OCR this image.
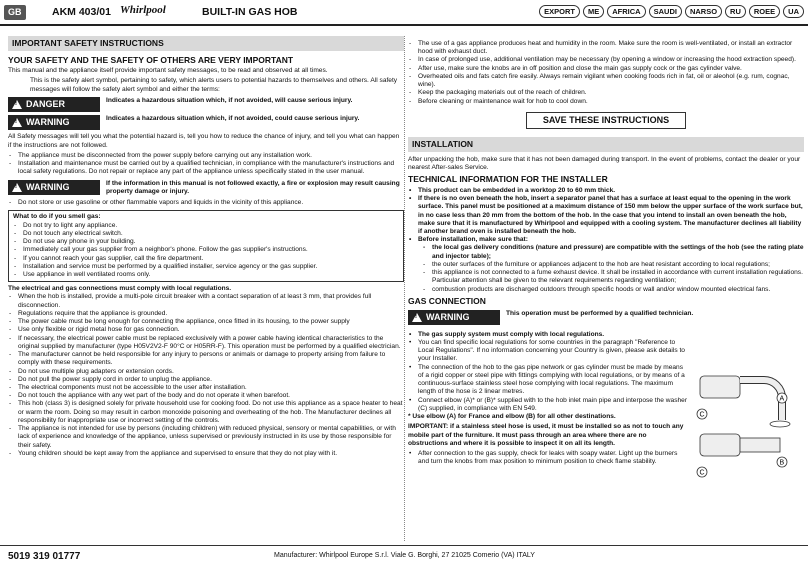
GB	AKM 403/01 Whirlpool	BUILT-IN GAS HOB	EXPORT	ME	AFRICA	SAUDI	NARSO	RU	ROEE	UA
IMPORTANT SAFETY INSTRUCTIONS
YOUR SAFETY AND THE SAFETY OF OTHERS ARE VERY IMPORTANT

This manual and the appliance itself provide important safety messages, to be read and observed at all times.

This is the safety alert symbol, pertaining to safety, which alerts users to potential hazards to themselves and others. All safety messages will follow the safety alert symbol and either the terms:

! DANGER	Indicates a hazardous situation which, if not avoided, will cause serious injury.
! WARNING	Indicates a hazardous situation which, if not avoided, could cause serious injury.

All Safety messages will tell you what the potential hazard is, tell you how to reduce the chance of injury, and tell you what can happen if the instructions are not followed.

- The appliance must be disconnected from the power supply before carrying out any installation work.
- Installation and maintenance must be carried out by a qualified technician, in compliance with the manufacturer's instructions and local safety regulations. Do not repair or replace any part of the appliance unless specifically stated in the user manual.
! WARNING	If the information in this manual is not followed exactly, a fire or explosion may result causing property damage or injury.
- Do not store or use gasoline or other flammable vapors and liquids in the vicinity of this appliance.
What to do if you smell gas:
- Do not try to light any appliance.
- Do not touch any electrical switch.
- Do not use any phone in your building.
- Immediately call your gas supplier from a neighbor's phone. Follow the gas supplier's instructions.
- If you cannot reach your gas supplier, call the fire department.
- Installation and service must be performed by a qualified installer, service agency or the gas supplier.
- Use appliance in well ventilated rooms only.
The electrical and gas connections must comply with local regulations.
- When the hob is installed, provide a multi-pole circuit breaker with a contact separation of at least 3 mm, that provides full disconnection.
- Regulations require that the appliance is grounded.
- The power cable must be long enough for connecting the appliance, once fitted in its housing, to the power supply
- Use only flexible or rigid metal hose for gas connection.
- If necessary, the electrical power cable must be replaced exclusively with a power cable having identical characteristics to the original supplied by manufacturer (type H05V2V2-F 90°C or H05RR-F). This operation must be performed by a qualified electrician.
- The manufacturer cannot be held responsible for any injury to persons or animals or damage to property arising from failure to comply with these requirements.
- Do not use multiple plug adapters or extension cords.
- Do not pull the power supply cord in order to unplug the appliance.
- The electrical components must not be accessible to the user after installation.
- Do not touch the appliance with any wet part of the body and do not operate it when barefoot.
- This hob (class 3) is designed solely for private household use for cooking food. Do not use this appliance as a space heater to heat or warm the room. Doing so may result in carbon monoxide poisoning and overheating of the hob. The Manufacturer declines all responsibility for inappropriate use or incorrect setting of the controls.
- The appliance is not intended for use by persons (including children) with reduced physical, sensory or mental capabilities, or with lack of experience and knowledge of the appliance, unless supervised or previously instructed in its use by those responsible for their safety.
- Young children should be kept away from the appliance and supervised to ensure that they do not play with it.
- The use of a gas appliance produces heat and humidity in the room. Make sure the room is well-ventilated, or install an extractor hood with exhaust duct.
- In case of prolonged use, additional ventilation may be necessary (by opening a window or increasing the hood extraction speed).
- After use, make sure the knobs are in off position and close the main gas supply cock or the gas cylinder valve.
- Overheated oils and fats catch fire easily. Always remain vigilant when cooking foods rich in fat, oil or aleohol (e.g. rum, cognac, wine).
- Keep the packaging materials out of the reach of children.
- Before cleaning or maintenance wait for hob to cool down.
SAVE THESE INSTRUCTIONS
INSTALLATION

After unpacking the hob, make sure that it has not been damaged during transport. In the event of problems, contact the dealer or your nearest After-sales Service.

TECHNICAL INFORMATION FOR THE INSTALLER
• This product can be embedded in a worktop 20 to 60 mm thick.
• If there is no oven beneath the hob, insert a separator panel that has a surface at least equal to the opening in the work surface. This panel must be positioned at a maximum distance of 150 mm below the upper surface of the work surface but, in no case less than 20 mm from the bottom of the hob. In the case that you intend to install an oven beneath the hob, make sure that it is manufactured by Whirlpool and equipped with a cooling system. The manufacturer declines all liability if another brand oven is installed beneath the hob.
• Before installation, make sure that:
- the local gas delivery conditions (nature and pressure) are compatible with the settings of the hob (see the rating plate and injector table);
- the outer surfaces of the furniture or appliances adjacent to the hob are heat resistant according to local regulations;
- this appliance is not connected to a fume exhaust device. It shall be installed in accordance with current installation regulations. Particular attention shall be given to the relevant requirements regarding ventilation;
- combustion products are discharged outdoors through specific hoods or wall and/or window mounted electrical fans.
GAS CONNECTION
! WARNING	This operation must be performed by a qualified technician.
• The gas supply system must comply with local regulations.
• You can find specific local regulations for some countries in the paragraph "Reference to Local Regulations". If no information concerning your Country is given, please ask details to your Installer.
• The connection of the hob to the gas pipe network or gas cylinder must be made by means of a rigid copper or steel pipe with fittings complying with local regulations, or by means of a continuous-surface stainless steel hose complying with local regulations. The maximum length of the hose is 2 linear metres.
• Connect elbow (A)* or (B)* supplied with to the hob inlet main pipe and interpose the washer (C) supplied, in compliance with EN 549.

* Use elbow (A) for France and elbow (B) for all other destinations.

IMPORTANT: if a stainless steel hose is used, it must be installed so as not to touch any mobile part of the furniture. It must pass through an area where there are no obstructions and where it is possible to inspect it on all its length.

• After connection to the gas supply, check for leaks with soapy water. Light up the burners and turn the knobs from max position to minimum position to check flame stability.
A
C
B
C
5019 319 01777	Manufacturer: Whirlpool Europe S.r.l. Viale G. Borghi, 27 21025 Comerio (VA) ITALY
